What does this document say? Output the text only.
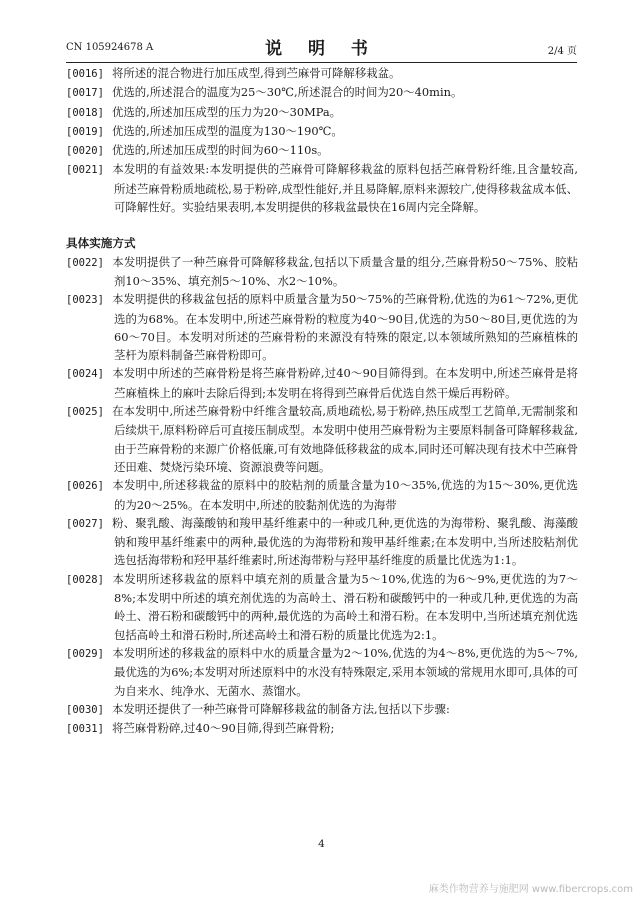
CN 105924678 A	说 明 书	2/4 页
[0016] 将所述的混合物进行加压成型,得到苎麻骨可降解移栽盆。
[0017] 优选的,所述混合的温度为25～30℃,所述混合的时间为20～40min。
[0018] 优选的,所述加压成型的压力为20～30MPa。
[0019] 优选的,所述加压成型的温度为130～190℃。
[0020] 优选的,所述加压成型的时间为60～110s。
[0021] 本发明的有益效果:本发明提供的苎麻骨可降解移栽盆的原料包括苎麻骨粉纤维,且含量较高,所述苎麻骨粉质地疏松,易于粉碎,成型性能好,并且易降解,原料来源较广,使得移栽盆成本低、可降解性好。实验结果表明,本发明提供的移栽盆最快在16周内完全降解。
具体实施方式
[0022] 本发明提供了一种苎麻骨可降解移栽盆,包括以下质量含量的组分,苎麻骨粉50～75%、胶粘剂10～35%、填充剂5～10%、水2～10%。
[0023] 本发明提供的移栽盆包括的原料中质量含量为50～75%的苎麻骨粉,优选的为61～72%,更优选的为68%。在本发明中,所述苎麻骨粉的粒度为40～90目,优选的为50～80目,更优选的为60～70目。本发明对所述的苎麻骨粉的来源没有特殊的限定,以本领域所熟知的苎麻植株的茎杆为原料制备苎麻骨粉即可。
[0024] 本发明中所述的苎麻骨粉是将苎麻骨粉碎,过40～90目筛得到。在本发明中,所述苎麻骨是将苎麻植株上的麻叶去除后得到;本发明在将得到苎麻骨后优选自然干燥后再粉碎。
[0025] 在本发明中,所述苎麻骨粉中纤维含量较高,质地疏松,易于粉碎,热压成型工艺简单,无需制浆和后续烘干,原料粉碎后可直接压制成型。本发明中使用苎麻骨粉为主要原料制备可降解移栽盆,由于苎麻骨粉的来源广价格低廉,可有效地降低移栽盆的成本,同时还可解决现有技术中苎麻骨还田难、焚烧污染环境、资源浪费等问题。
[0026] 本发明中,所述移栽盆的原料中的胶粘剂的质量含量为10～35%,优选的为15～30%,更优选的为20～25%。在本发明中,所述的胶黏剂优选的为海带
[0027] 粉、聚乳酸、海藻酸钠和羧甲基纤维素中的一种或几种,更优选的为海带粉、聚乳酸、海藻酸钠和羧甲基纤维素中的两种,最优选的为海带粉和羧甲基纤维素;在本发明中,当所述胶粘剂优选包括海带粉和羟甲基纤维素时,所述海带粉与羟甲基纤维度的质量比优选为1:1。
[0028] 本发明所述移栽盆的原料中填充剂的质量含量为5～10%,优选的为6～9%,更优选的为7～8%;本发明中所述的填充剂优选的为高岭土、滑石粉和碳酸钙中的一种或几种,更优选的为高岭土、滑石粉和碳酸钙中的两种,最优选的为高岭土和滑石粉。在本发明中,当所述填充剂优选包括高岭土和滑石粉时,所述高岭土和滑石粉的质量比优选为2:1。
[0029] 本发明所述的移栽盆的原料中水的质量含量为2～10%,优选的为4～8%,更优选的为5～7%,最优选的为6%;本发明对所述原料中的水没有特殊限定,采用本领域的常规用水即可,具体的可为自来水、纯净水、无菌水、蒸馏水。
[0030] 本发明还提供了一种苎麻骨可降解移栽盆的制备方法,包括以下步骤:
[0031] 将苎麻骨粉碎,过40～90目筛,得到苎麻骨粉;
4
麻类作物营养与施肥网 www.fibercrops.com
